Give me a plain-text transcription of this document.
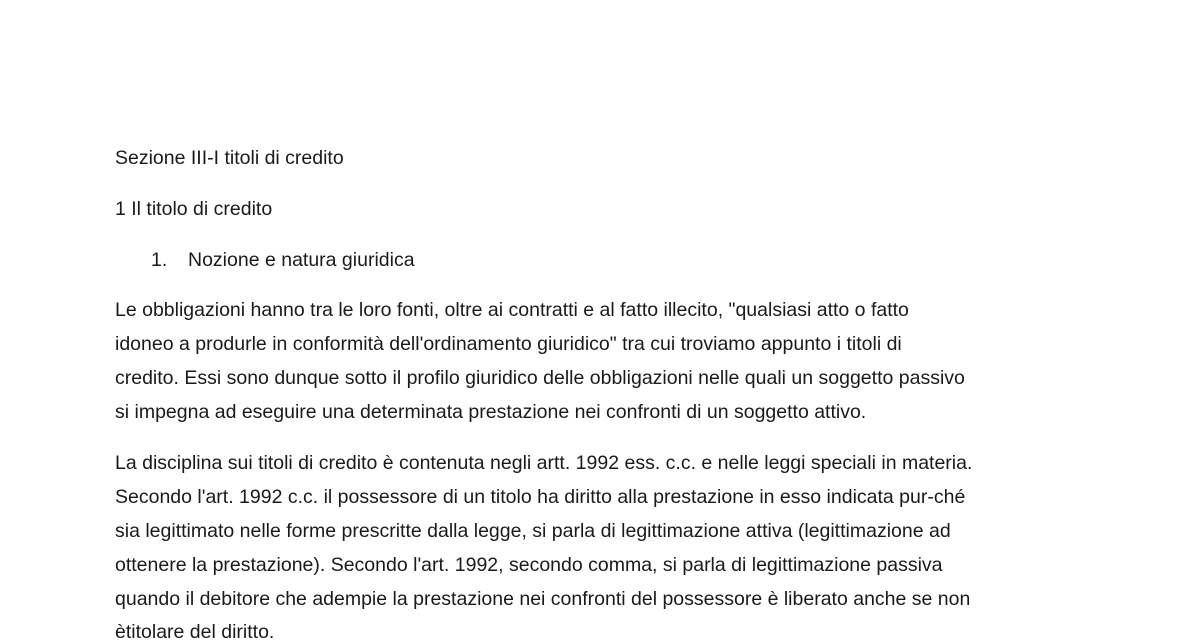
Sezione III-I titoli di credito
1 Il titolo di credito
1. Nozione e natura giuridica
Le obbligazioni hanno tra le loro fonti, oltre ai contratti e al fatto illecito, "qualsiasi atto o fatto
idoneo a produrle in conformità dell'ordinamento giuridico" tra cui troviamo appunto i titoli di
credito. Essi sono dunque sotto il profilo giuridico delle obbligazioni nelle quali un soggetto passivo
si impegna ad eseguire una determinata prestazione nei confronti di un soggetto attivo.
La disciplina sui titoli di credito è contenuta negli artt. 1992 ess. c.c. e nelle leggi speciali in materia.
Secondo l'art. 1992 c.c. il possessore di un titolo ha diritto alla prestazione in esso indicata pur-ché
sia legittimato nelle forme prescritte dalla legge, si parla di legittimazione attiva (legittimazione ad
ottenere la prestazione). Secondo l'art. 1992, secondo comma, si parla di legittimazione passiva
quando il debitore che adempie la prestazione nei confronti del possessore è liberato anche se non
ètitolare del diritto.
